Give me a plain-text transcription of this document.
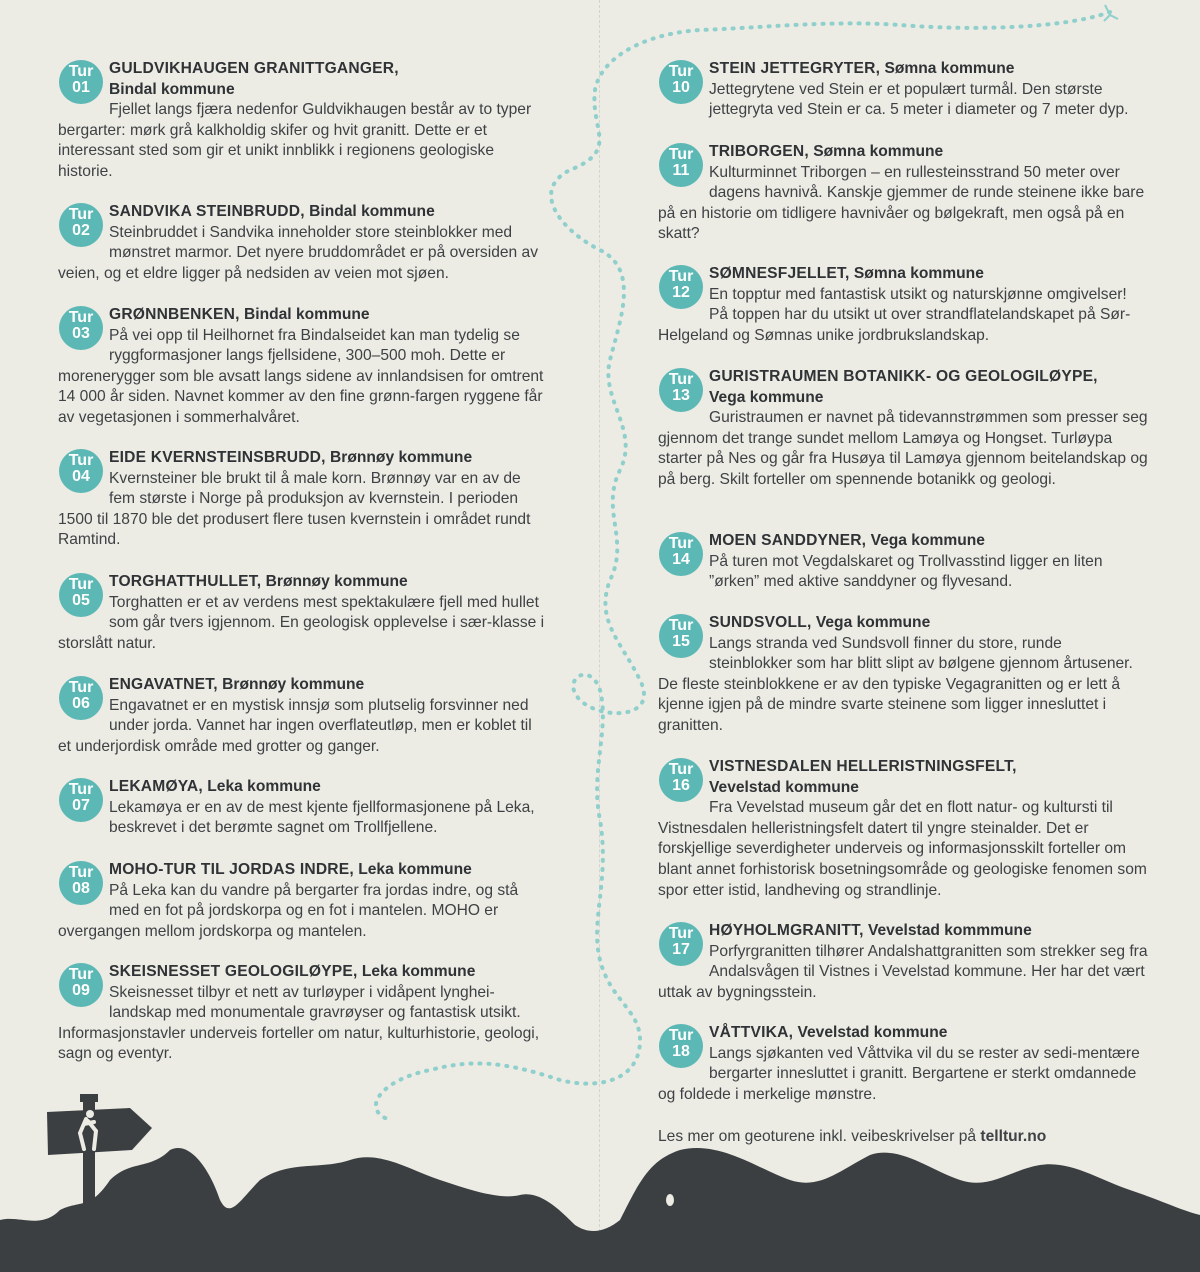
Tur
01
GULDVIKHAUGEN GRANITTGANGER,
Bindal kommune
Fjellet langs fjæra nedenfor Guldvikhaugen består av to typer bergarter: mørk grå kalkholdig skifer og hvit granitt. Dette er et interessant sted som gir et unikt innblikk i regionens geologiske historie.
Tur
02
SANDVIKA STEINBRUDD, Bindal kommune
Steinbruddet i Sandvika inneholder store steinblokker med mønstret marmor. Det nyere bruddområdet er på oversiden av veien, og et eldre ligger på nedsiden av veien mot sjøen.
Tur
03
GRØNNBENKEN, Bindal kommune
På vei opp til Heilhornet fra Bindalseidet kan man tydelig se ryggformasjoner langs fjellsidene, 300–500 moh. Dette er morenerygger som ble avsatt langs sidene av innlandsisen for omtrent 14 000 år siden. Navnet kommer av den fine grønn-fargen ryggene får av vegetasjonen i sommerhalvåret.
Tur
04
EIDE KVERNSTEINSBRUDD, Brønnøy kommune
Kvernsteiner ble brukt til å male korn. Brønnøy var en av de fem største i Norge på produksjon av kvernstein. I perioden 1500 til 1870 ble det produsert flere tusen kvernstein i området rundt Ramtind.
Tur
05
TORGHATTHULLET, Brønnøy kommune
Torghatten er et av verdens mest spektakulære fjell med hullet som går tvers igjennom. En geologisk opplevelse i sær-klasse i storslått natur.
Tur
06
ENGAVATNET, Brønnøy kommune
Engavatnet er en mystisk innsjø som plutselig forsvinner ned under jorda. Vannet har ingen overflateutløp, men er koblet til et underjordisk område med grotter og ganger.
Tur
07
LEKAMØYA, Leka kommune
Lekamøya er en av de mest kjente fjellformasjonene på Leka, beskrevet i det berømte sagnet om Trollfjellene.
Tur
08
MOHO-TUR TIL JORDAS INDRE, Leka kommune
På Leka kan du vandre på bergarter fra jordas indre, og stå med en fot på jordskorpa og en fot i mantelen. MOHO er overgangen mellom jordskorpa og mantelen.
Tur
09
SKEISNESSET GEOLOGILØYPE, Leka kommune
Skeisnesset tilbyr et nett av turløyper i vidåpent lynghei-landskap med monumentale gravrøyser og fantastisk utsikt. Informasjonstavler underveis forteller om natur, kulturhistorie, geologi, sagn og eventyr.
Tur
10
STEIN JETTEGRYTER, Sømna kommune
Jettegrytene ved Stein er et populært turmål. Den største jettegryta ved Stein er ca. 5 meter i diameter og 7 meter dyp.
Tur
11
TRIBORGEN, Sømna kommune
Kulturminnet Triborgen – en rullesteinsstrand 50 meter over dagens havnivå. Kanskje gjemmer de runde steinene ikke bare på en historie om tidligere havnivåer og bølgekraft, men også på en skatt?
Tur
12
SØMNESFJELLET, Sømna kommune
En topptur med fantastisk utsikt og naturskjønne omgivelser! På toppen har du utsikt ut over strandflatelandskapet på Sør-Helgeland og Sømnas unike jordbrukslandskap.
Tur
13
GURISTRAUMEN BOTANIKK- OG GEOLOGILØYPE,
Vega kommune
Guristraumen er navnet på tidevannstrømmen som presser seg gjennom det trange sundet mellom Lamøya og Hongset. Turløypa starter på Nes og går fra Husøya til Lamøya gjennom beitelandskap og på berg. Skilt forteller om spennende botanikk og geologi.
Tur
14
MOEN SANDDYNER, Vega kommune
På turen mot Vegdalskaret og Trollvasstind ligger en liten ”ørken” med aktive sanddyner og flyvesand.
Tur
15
SUNDSVOLL, Vega kommune
Langs stranda ved Sundsvoll finner du store, runde steinblokker som har blitt slipt av bølgene gjennom årtusener. De fleste steinblokkene er av den typiske Vegagranitten og er lett å kjenne igjen på de mindre svarte steinene som ligger innesluttet i granitten.
Tur
16
VISTNESDALEN HELLERISTNINGSFELT,
Vevelstad kommune
Fra Vevelstad museum går det en flott natur- og kultursti til Vistnesdalen helleristningsfelt datert til yngre steinalder. Det er forskjellige severdigheter underveis og informasjonsskilt forteller om blant annet forhistorisk bosetningsområde og geologiske fenomen som spor etter istid, landheving og strandlinje.
Tur
17
HØYHOLMGRANITT, Vevelstad kommmune
Porfyrgranitten tilhører Andalshattgranitten som strekker seg fra Andalsvågen til Vistnes i Vevelstad kommune. Her har det vært uttak av bygningsstein.
Tur
18
VÅTTVIKA, Vevelstad kommune
Langs sjøkanten ved Våttvika vil du se rester av sedi-mentære bergarter innesluttet i granitt. Bergartene er sterkt omdannede og foldede i merkelige mønstre.
Les mer om geoturene inkl. veibeskrivelser på telltur.no
